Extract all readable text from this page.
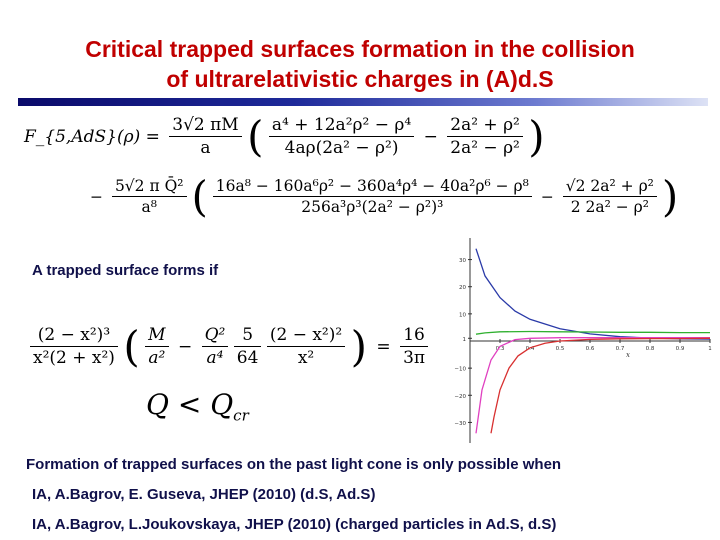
Critical trapped surfaces formation in the collision
of ultrarelativistic charges in (A)d.S
F_{5,AdS}(ρ) = $\frac{3√2 \pi M}{a}$ ( $\frac{\text{a⁴ + 12a²ρ² − ρ⁴}}{\text{4aρ(2a² − ρ²)}} - \frac{\text{2a² + ρ²}}{\text{2a² − ρ²}}$ )
− $\frac{\text{5√2 π Q̄²}}{\text{a⁸}}$ ( $\frac{\text{16a⁸ − 160a⁶ρ² − 360a⁴ρ⁴ − 40a²ρ⁶ − ρ⁸}}{\text{256a³ρ³(2a² − ρ²)³}} - \frac{\text{√2 2a² + ρ²}}{\text{2 2a² − ρ²}}$ )
A trapped surface forms if
$\frac{\text{(2 − x²)³}}{\text{x²(2 + x²)}}$ ( $\frac{M}{\text{a²}} - \frac{\text{Q²}}{\text{a⁴}}$
$\frac{5}{64}$
$\frac{\text{(2 − x²)²}}{\text{x²}}$ ) = $\frac{16}{3\pi}$
$Q < Q_{cr}$
30
20
10
1
−10
−20
−30
0.3	0.4	0.5	0.6	0.7	0.8	0.9	1
x
Formation of trapped surfaces on the past light cone is only possible when
IA, A.Bagrov, E. Guseva, JHEP (2010) (d.S, Ad.S)
IA, A.Bagrov, L.Joukovskaya, JHEP (2010) (charged particles in Ad.S, d.S)
